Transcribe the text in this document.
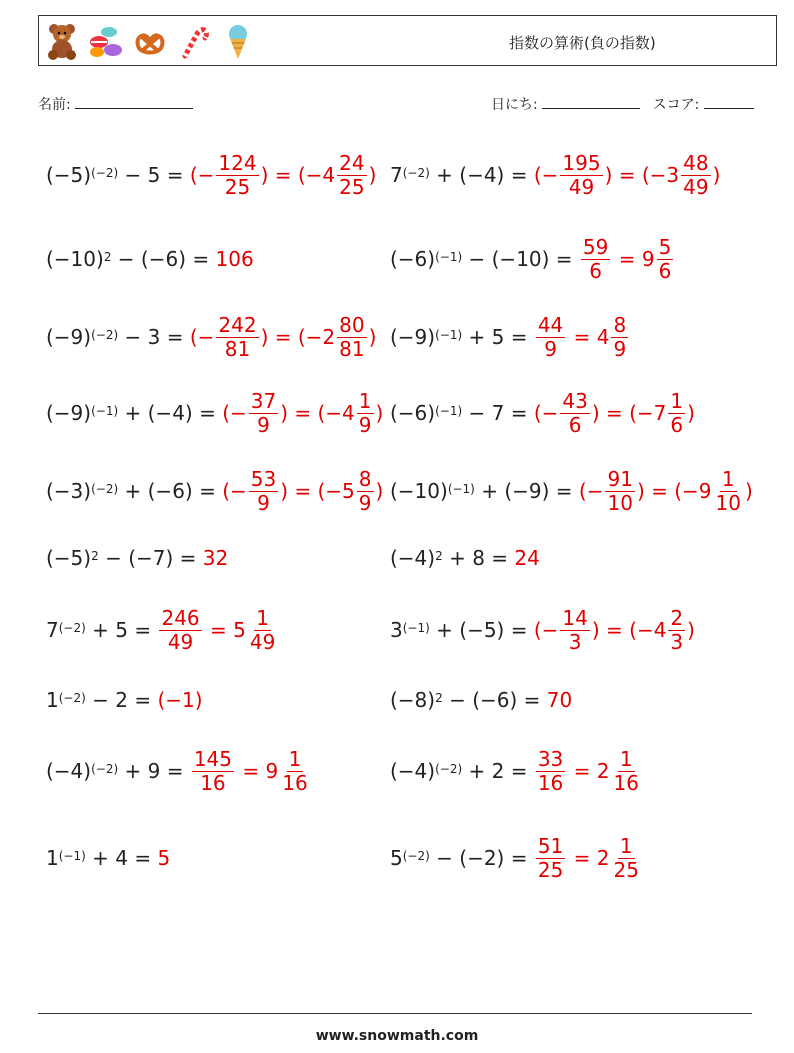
指数の算術(負の指数)
名前:	日にち:	スコア:
$(-5)^{(-2)} - 5$ = (− $\frac{124}{25}$ ) = ($-4 \frac{24}{25}$ )
$(-10)^2 - (-6) = 106$
$(-9)^{(-2)} - 3$ = (− $\frac{242}{81}$ ) = ($-2 \frac{80}{81}$ )
$(-9)^{(-1)} + (-4)$ = (− $\frac{37}{9}$ ) = ($-4 \frac{1}{9}$ )
$(-3)^{(-2)} + (-6)$ = (− $\frac{53}{9}$ ) = ($-5 \frac{8}{9}$ )
$(-5)^2 - (-7) = 32$
$7^{(-2)} + 5 = \frac{246}{49} = 5 \frac{1}{49}$
$1^{(-2)} - 2 = (-1)$
$(-4)^{(-2)} + 9 = \frac{145}{16} = 9 \frac{1}{16}$
$1^{(-1)} + 4 = 5$
$7^{(-2)} + (-4)$ = (− $\frac{195}{49}$ ) = ($-3 \frac{48}{49}$ )
$(-6)^{(-1)} - (-10) = \frac{59}{6} = 9 \frac{5}{6}$
$(-9)^{(-1)} + 5 = \frac{44}{9} = 4 \frac{8}{9}$
$(-6)^{(-1)} - 7$ = (− $\frac{43}{6}$ ) = ($-7 \frac{1}{6}$ )
$(-10)^{(-1)} + (-9)$ = (− $\frac{91}{10}$ ) = ($-9 \frac{1}{10}$ )
$(-4)^2 + 8 = 24$
$3^{(-1)} + (-5)$ = (− $\frac{14}{3}$ ) = ($-4 \frac{2}{3}$ )
$(-8)^2 - (-6) = 70$
$(-4)^{(-2)} + 2 = \frac{33}{16} = 2 \frac{1}{16}$
$5^{(-2)} - (-2) = \frac{51}{25} = 2 \frac{1}{25}$
www.snowmath.com
